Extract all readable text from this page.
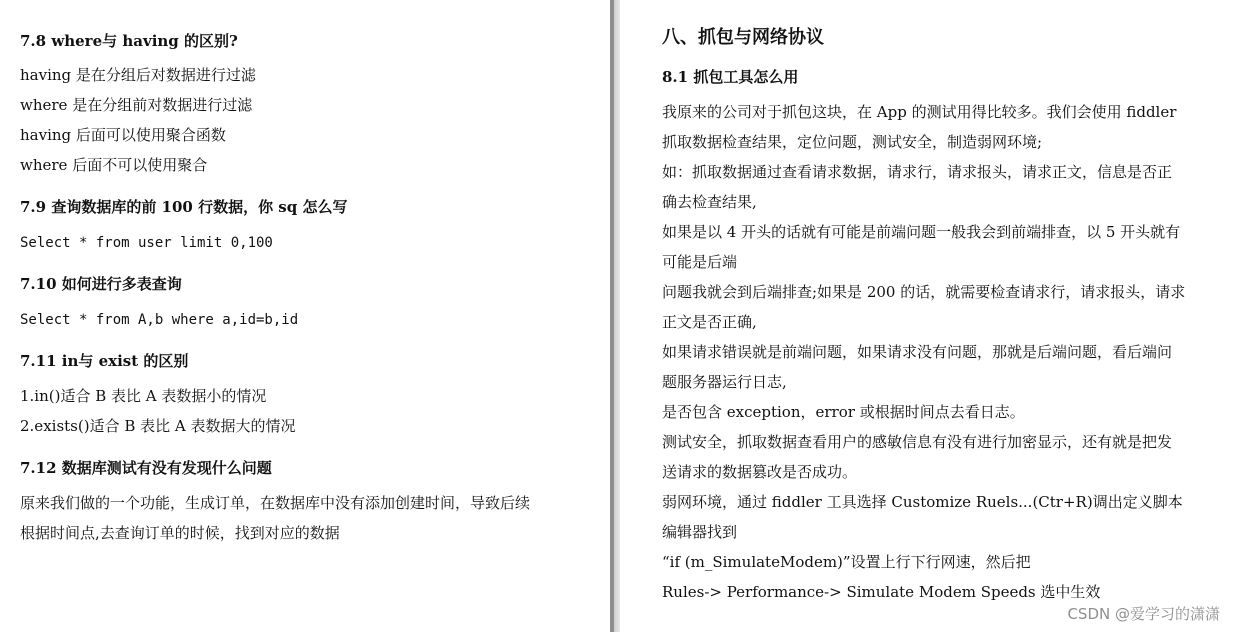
7.8 where与 having 的区别?
having 是在分组后对数据进行过滤
where 是在分组前对数据进行过滤
having 后面可以使用聚合函数
where 后面不可以使用聚合
7.9 查询数据库的前 100 行数据，你 sq 怎么写
Select * from user limit 0,100
7.10 如何进行多表查询
Select * from A,b where a,id=b,id
7.11 in与 exist 的区别
1.in()适合 B 表比 A 表数据小的情况
2.exists()适合 B 表比 A 表数据大的情况
7.12 数据库测试有没有发现什么问题
原来我们做的一个功能，生成订单，在数据库中没有添加创建时间，导致后续
根据时间点,去查询订单的时候，找到对应的数据
八、抓包与网络协议
8.1 抓包工具怎么用
我原来的公司对于抓包这块，在 App 的测试用得比较多。我们会使用 fiddler
抓取数据检查结果，定位问题，测试安全，制造弱网环境;
如：抓取数据通过查看请求数据，请求行，请求报头，请求正文，信息是否正
确去检查结果,
如果是以 4 开头的话就有可能是前端问题一般我会到前端排查，以 5 开头就有
可能是后端
问题我就会到后端排查;如果是 200 的话，就需要检查请求行，请求报头，请求
正文是否正确,
如果请求错误就是前端问题，如果请求没有问题，那就是后端问题，看后端问
题服务器运行日志,
是否包含 exception，error 或根据时间点去看日志。
测试安全，抓取数据查看用户的感敏信息有没有进行加密显示，还有就是把发
送请求的数据篡改是否成功。
弱网环境，通过 fiddler 工具选择 Customize Ruels...(Ctr+R)调出定义脚本
编辑器找到
“if (m_SimulateModem)”设置上行下行网速，然后把
Rules-> Performance-> Simulate Modem Speeds 选中生效
CSDN @爱学习的潇潇
